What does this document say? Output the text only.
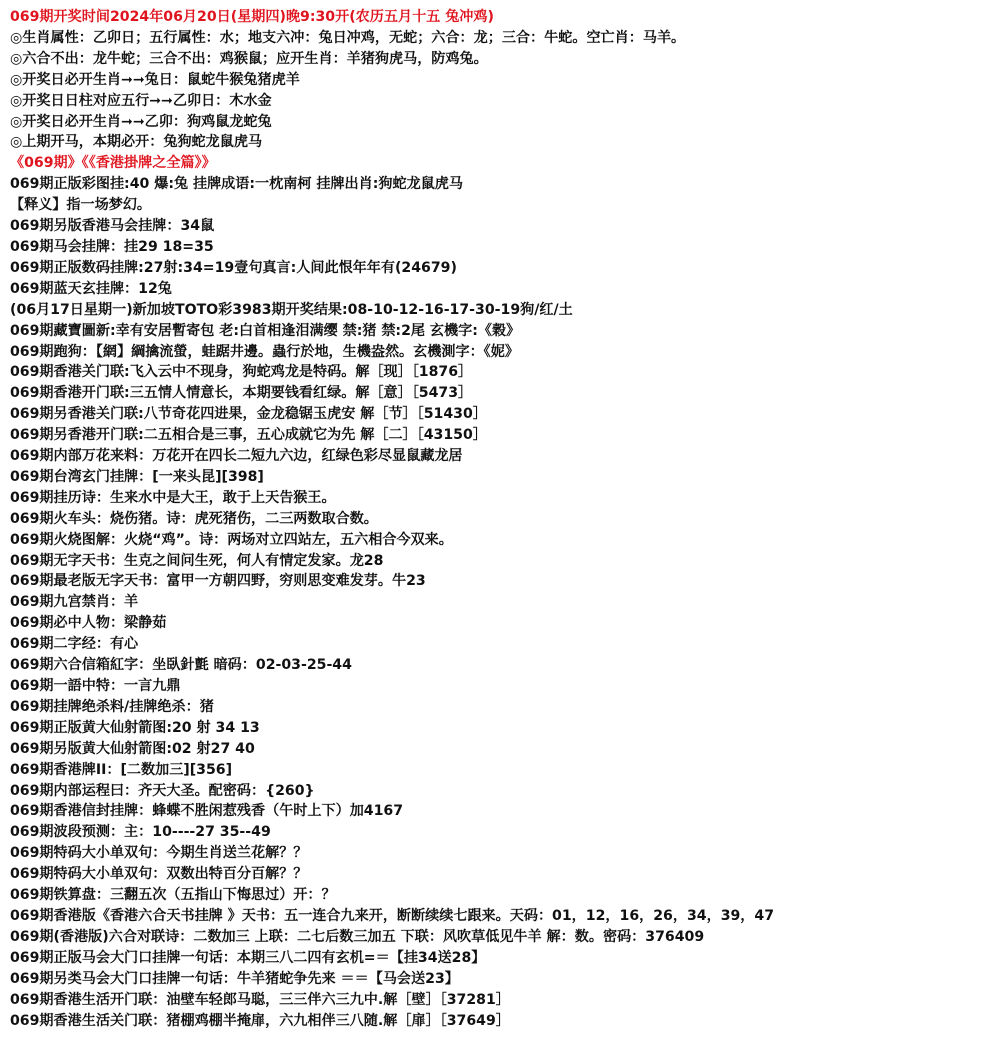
069期开奖时间2024年06月20日(星期四)晚9:30开(农历五月十五 兔冲鸡)
◎生肖属性：乙卯日；五行属性：水；地支六冲：兔日冲鸡，无蛇；六合：龙；三合：牛蛇。空亡肖：马羊。
◎六合不出：龙牛蛇；三合不出：鸡猴鼠；应开生肖：羊猪狗虎马，防鸡兔。
◎开奖日必开生肖➞➞兔日：鼠蛇牛猴兔猪虎羊
◎开奖日日柱对应五行➞➞乙卯日：木水金
◎开奖日必开生肖➞➞乙卯：狗鸡鼠龙蛇兔
◎上期开马，本期必开：兔狗蛇龙鼠虎马
《069期》《《香港掛牌之全篇》》
069期正版彩图挂:40 爆:兔 挂牌成语:一枕南柯 挂牌出肖:狗蛇龙鼠虎马
【释义】指一场梦幻。
069期另版香港马会挂牌：34鼠
069期马会挂牌：挂29 18=35
069期正版数码挂牌:27射:34=19壹句真言:人间此恨年年有(24679)
069期蓝天玄挂牌：12兔
(06月17日星期一)新加坡TOTO彩3983期开奖结果:08-10-12-16-17-30-19狗/红/土
069期藏寶圖新:幸有安居暫寄包 老:白首相逢泪满缨 禁:猪 禁:2尾 玄機字:《穀》
069期跑狗：【網】綱擒流螢，蛙踞井邊。蟲行於地，生機盎然。玄機測字：《妮》
069期香港关门联:飞入云中不现身，狗蛇鸡龙是特码。解［现］［1876］
069期香港开门联:三五情人情意长，本期要钱看红绿。解［意］［5473］
069期另香港关门联:八节奇花四进果，金龙稳锯玉虎安 解［节］［51430］
069期另香港开门联:二五相合是三事，五心成就它为先 解［二］［43150］
069期内部万花来料：万花开在四长二短九六边，红绿色彩尽显鼠藏龙居
069期台湾玄门挂牌：[一来头昆][398]
069期挂历诗：生来水中是大王，敢于上天告猴王。
069期火车头：烧伤猪。诗：虎死猪伤，二三两数取合数。
069期火烧图解：火烧“鸡”。诗：两场对立四站左，五六相合今双来。
069期无字天书：生克之间问生死，何人有情定发家。龙28
069期最老版无字天书：富甲一方朝四野，穷则思变难发芽。牛23
069期九宫禁肖：羊
069期必中人物：梁静茹
069期二字经：有心
069期六合信箱紅字：坐臥針氈 暗码：02-03-25-44
069期一語中特：一言九鼎
069期挂牌绝杀料/挂牌绝杀：猪
069期正版黄大仙射箭图:20 射 34 13
069期另版黄大仙射箭图:02 射27 40
069期香港牌II：[二数加三][356]
069期内部运程曰：齐天大圣。配密码：{260}
069期香港信封挂牌：蜂蝶不胜闲惹残香（午时上下）加4167
069期波段预测：主：10----27 35--49
069期特码大小单双句：今期生肖送兰花解？？
069期特码大小单双句：双数出特百分百解？？
069期铁算盘：三翻五次（五指山下悔思过）开：？
069期香港版《香港六合天书挂牌 》天书：五一连合九来开，断断续续七跟来。天码：01，12，16，26，34，39，47
069期(香港版)六合对联诗：二数加三 上联：二七后数三加五 下联：风吹草低见牛羊 解：数。密码：376409
069期正版马会大门口挂牌一句话：本期三八二四有玄机=＝【挂34送28】
069期另类马会大门口挂牌一句话：牛羊猪蛇争先来 ＝＝【马会送23】
069期香港生活开门联：油壁车轻郎马聪，三三伴六三九中.解［壁］［37281］
069期香港生活关门联：猪棚鸡棚半掩扉，六九相伴三八随.解［扉］［37649］
